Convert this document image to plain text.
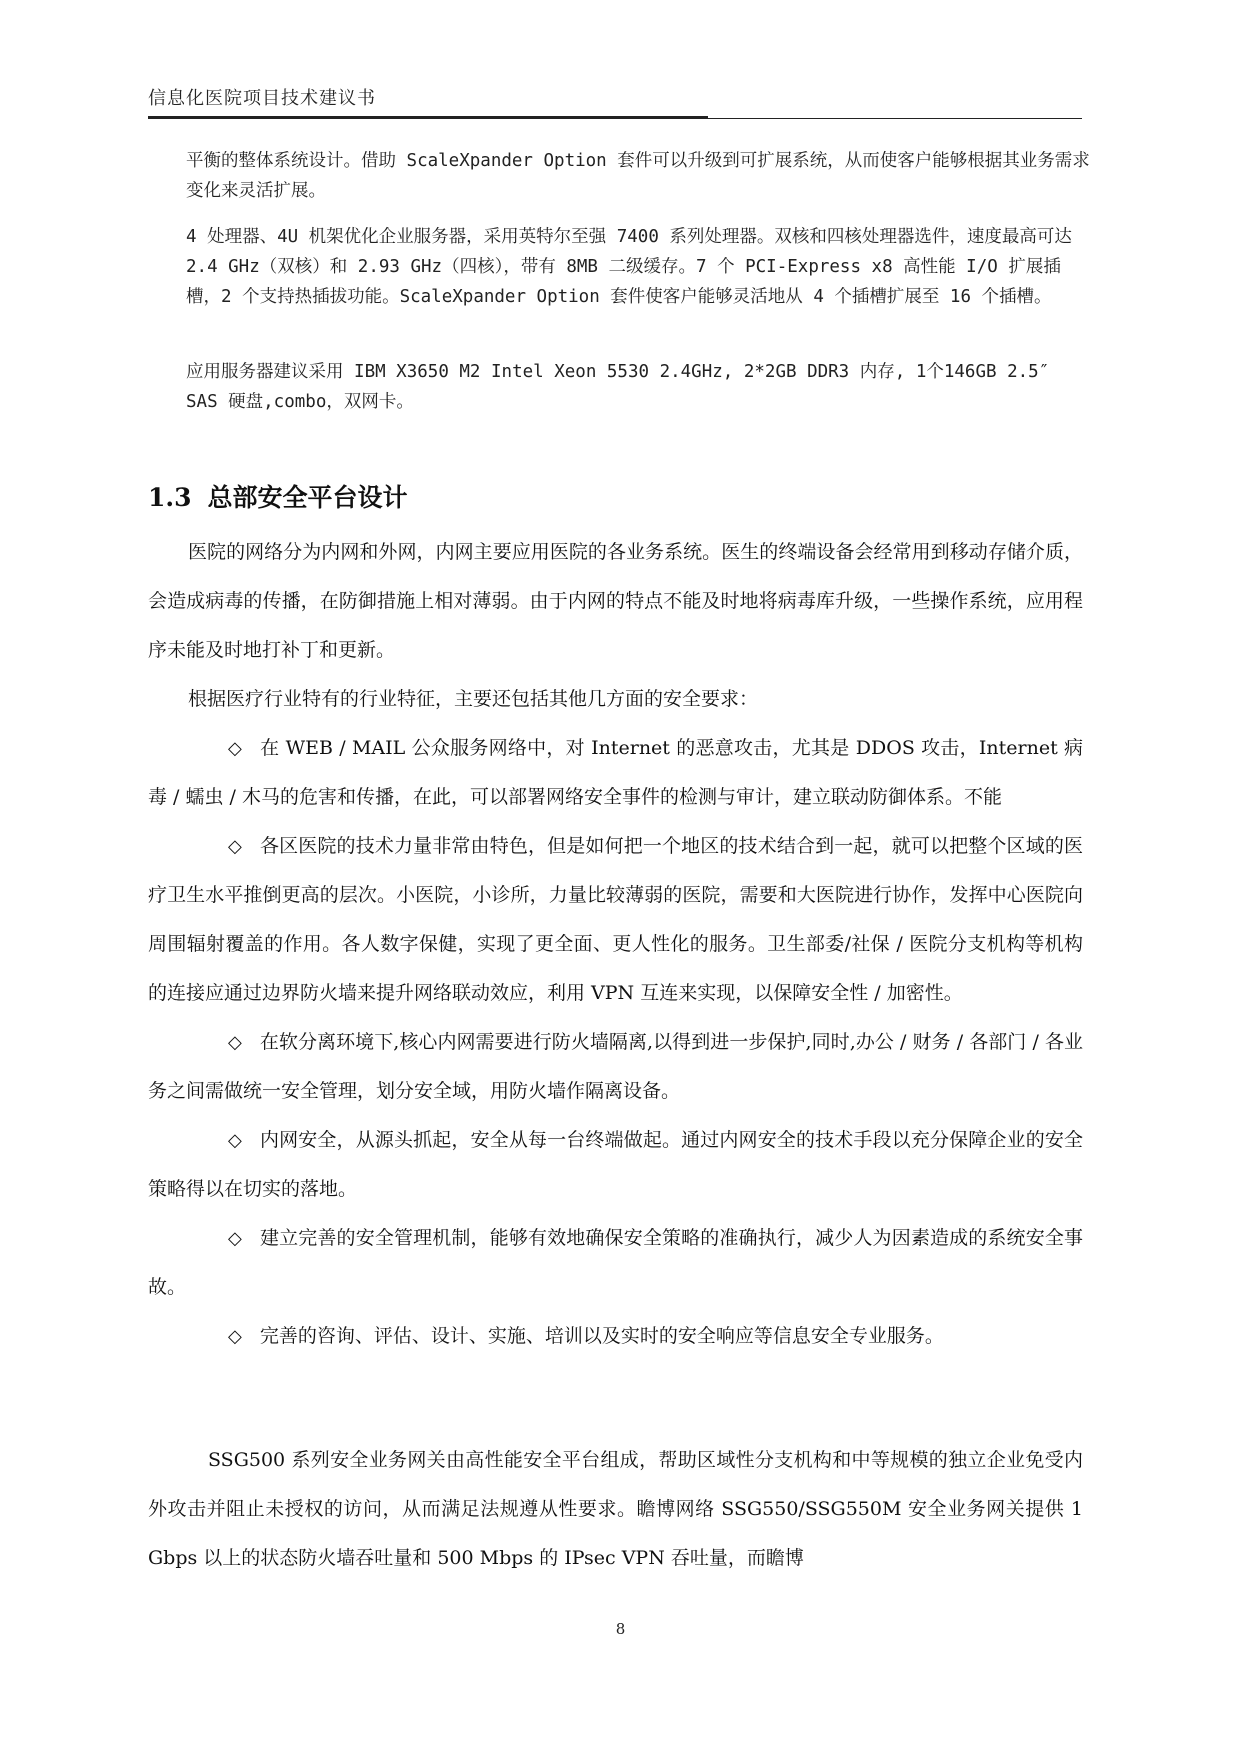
信息化医院项目技术建议书

平衡的整体系统设计。借助 ScaleXpander Option 套件可以升级到可扩展系统，从而使客户能够根据其业务需求变化来灵活扩展。

4 处理器、4U 机架优化企业服务器，采用英特尔至强 7400 系列处理器。双核和四核处理器选件，速度最高可达 2.4 GHz（双核）和 2.93 GHz（四核），带有 8MB 二级缓存。7 个 PCI-Express x8 高性能 I/O 扩展插槽，2 个支持热插拔功能。ScaleXpander Option 套件使客户能够灵活地从 4 个插槽扩展至 16 个插槽。

应用服务器建议采用 IBM X3650 M2 Intel Xeon 5530 2.4GHz, 2*2GB DDR3 内存, 1个146GB 2.5″ SAS 硬盘,combo，双网卡。

1.3 总部安全平台设计

医院的网络分为内网和外网，内网主要应用医院的各业务系统。医生的终端设备会经常用到移动存储介质，会造成病毒的传播，在防御措施上相对薄弱。由于内网的特点不能及时地将病毒库升级，一些操作系统，应用程序未能及时地打补丁和更新。

根据医疗行业特有的行业特征，主要还包括其他几方面的安全要求：

◇ 在 WEB / MAIL 公众服务网络中，对 Internet 的恶意攻击，尤其是 DDOS 攻击，Internet 病毒 / 蠕虫 / 木马的危害和传播，在此，可以部署网络安全事件的检测与审计，建立联动防御体系。不能

◇ 各区医院的技术力量非常由特色，但是如何把一个地区的技术结合到一起，就可以把整个区域的医疗卫生水平推倒更高的层次。小医院，小诊所，力量比较薄弱的医院，需要和大医院进行协作，发挥中心医院向周围辐射覆盖的作用。各人数字保健，实现了更全面、更人性化的服务。卫生部委/社保 / 医院分支机构等机构的连接应通过边界防火墙来提升网络联动效应，利用 VPN 互连来实现，以保障安全性 / 加密性。

◇ 在软分离环境下,核心内网需要进行防火墙隔离,以得到进一步保护,同时,办公 / 财务 / 各部门 / 各业务之间需做统一安全管理，划分安全域，用防火墙作隔离设备。

◇ 内网安全，从源头抓起，安全从每一台终端做起。通过内网安全的技术手段以充分保障企业的安全策略得以在切实的落地。

◇ 建立完善的安全管理机制，能够有效地确保安全策略的准确执行，减少人为因素造成的系统安全事故。

◇ 完善的咨询、评估、设计、实施、培训以及实时的安全响应等信息安全专业服务。

SSG500 系列安全业务网关由高性能安全平台组成，帮助区域性分支机构和中等规模的独立企业免受内外攻击并阻止未授权的访问，从而满足法规遵从性要求。瞻博网络 SSG550/SSG550M 安全业务网关提供 1 Gbps 以上的状态防火墙吞吐量和 500 Mbps 的 IPsec VPN 吞吐量，而瞻博

8
